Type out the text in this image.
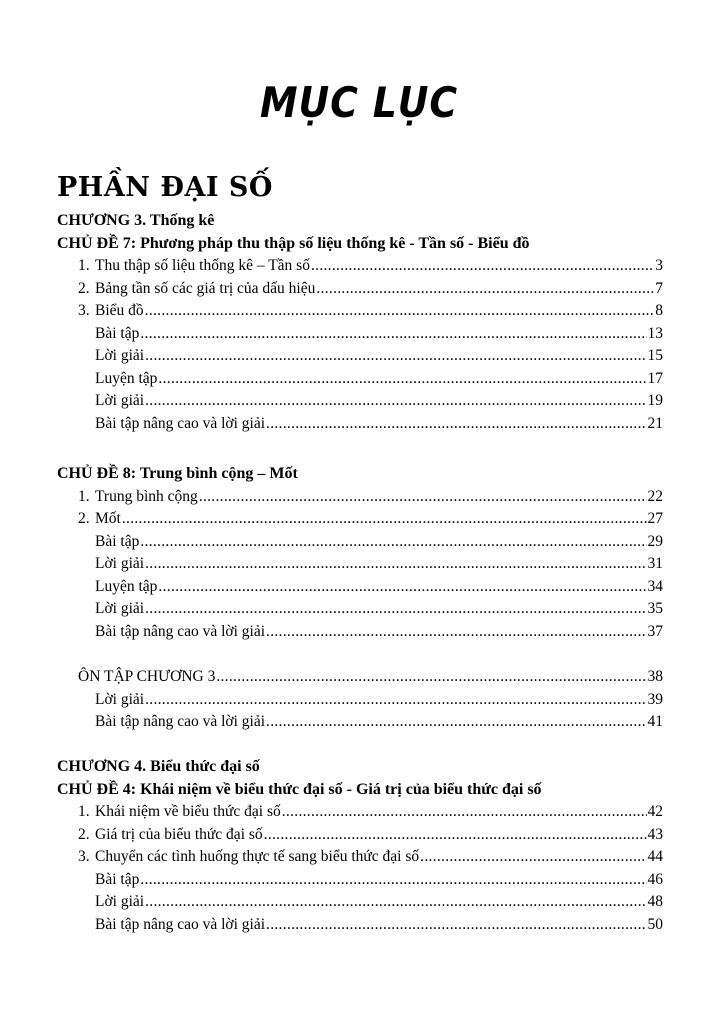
MỤC LỤC
PHẦN ĐẠI SỐ
CHƯƠNG 3. Thống kê
CHỦ ĐỀ 7: Phương pháp thu thập số liệu thống kê - Tần số - Biểu đồ
1. Thu thập số liệu thống kê – Tần số .....	3
2. Bảng tần số các giá trị của dấu hiệu .....	7
3. Biểu đồ .....	8
Bài tập .....	13
Lời giải .....	15
Luyện tập .....	17
Lời giải .....	19
Bài tập nâng cao và lời giải .....	21
CHỦ ĐỀ 8: Trung bình cộng – Mốt
1. Trung bình cộng .....	22
2. Mốt .....	27
Bài tập .....	29
Lời giải .....	31
Luyện tập .....	34
Lời giải .....	35
Bài tập nâng cao và lời giải .....	37
ÔN TẬP CHƯƠNG 3 .....	38
Lời giải .....	39
Bài tập nâng cao và lời giải .....	41
CHƯƠNG 4. Biểu thức đại số
CHỦ ĐỀ 4: Khái niệm về biểu thức đại số - Giá trị của biểu thức đại số
1. Khái niệm về biểu thức đại số .....	42
2. Giá trị của biểu thức đại số .....	43
3. Chuyển các tình huống thực tế sang biểu thức đại số .....	44
Bài tập .....	46
Lời giải .....	48
Bài tập nâng cao và lời giải .....	50
